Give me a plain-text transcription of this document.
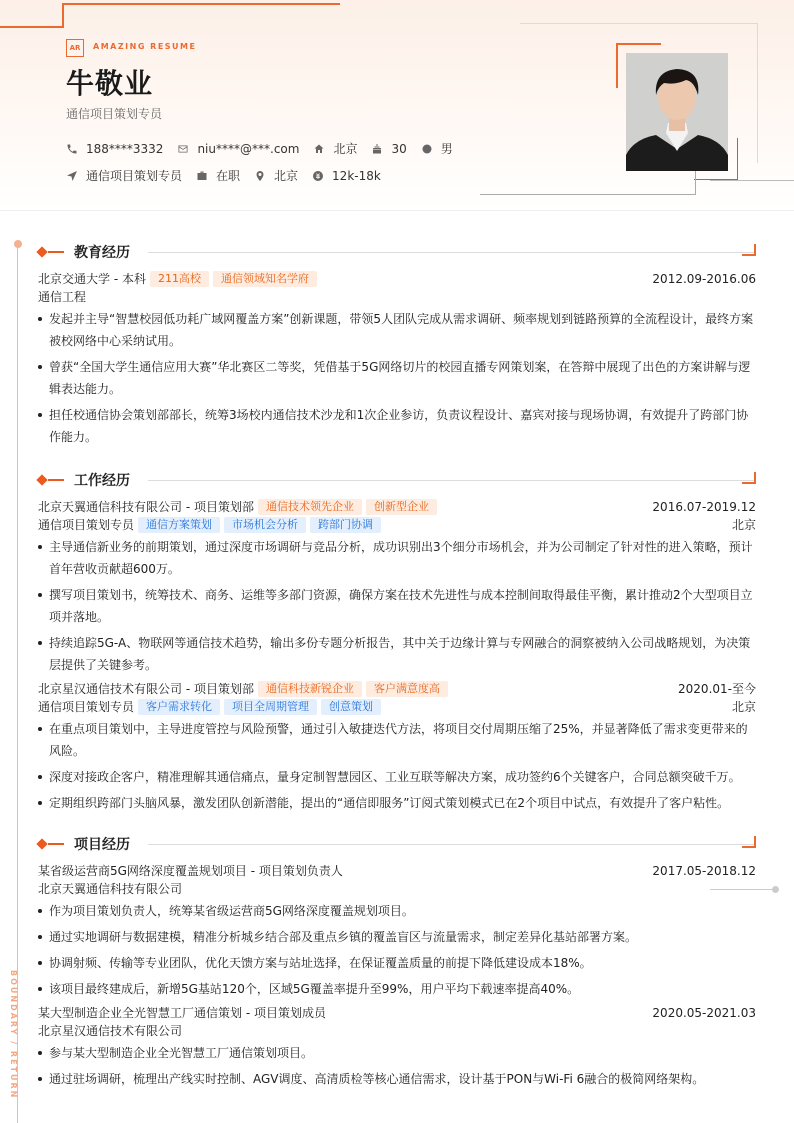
AR	AMAZING RESUME
牛敬业
通信项目策划专员
188****3332	niu****@***.com	北京	30	男
通信项目策划专员	在职	北京	12k-18k
BOUNDARY / RETURN
教育经历
北京交通大学 - 本科	211高校	通信领域知名学府	2012.09-2016.06
通信工程
发起并主导“智慧校园低功耗广域网覆盖方案”创新课题，带领5人团队完成从需求调研、频率规划到链路预算的全流程设计，最终方案被校网络中心采纳试用。
曾获“全国大学生通信应用大赛”华北赛区二等奖，凭借基于5G网络切片的校园直播专网策划案，在答辩中展现了出色的方案讲解与逻辑表达能力。
担任校通信协会策划部部长，统筹3场校内通信技术沙龙和1次企业参访，负责议程设计、嘉宾对接与现场协调，有效提升了跨部门协作能力。
工作经历
北京天翼通信科技有限公司 - 项目策划部	通信技术领先企业	创新型企业	2016.07-2019.12
通信项目策划专员	通信方案策划	市场机会分析	跨部门协调	北京
主导通信新业务的前期策划，通过深度市场调研与竞品分析，成功识别出3个细分市场机会，并为公司制定了针对性的进入策略，预计首年营收贡献超600万。
撰写项目策划书，统筹技术、商务、运维等多部门资源，确保方案在技术先进性与成本控制间取得最佳平衡，累计推动2个大型项目立项并落地。
持续追踪5G-A、物联网等通信技术趋势，输出多份专题分析报告，其中关于边缘计算与专网融合的洞察被纳入公司战略规划，为决策层提供了关键参考。
北京星汉通信技术有限公司 - 项目策划部	通信科技新锐企业	客户满意度高	2020.01-至今
通信项目策划专员	客户需求转化	项目全周期管理	创意策划	北京
在重点项目策划中，主导进度管控与风险预警，通过引入敏捷迭代方法，将项目交付周期压缩了25%，并显著降低了需求变更带来的风险。
深度对接政企客户，精准理解其通信痛点，量身定制智慧园区、工业互联等解决方案，成功签约6个关键客户，合同总额突破千万。
定期组织跨部门头脑风暴，激发团队创新潜能，提出的“通信即服务”订阅式策划模式已在2个项目中试点，有效提升了客户粘性。
项目经历
某省级运营商5G网络深度覆盖规划项目 - 项目策划负责人	2017.05-2018.12
北京天翼通信科技有限公司
作为项目策划负责人，统筹某省级运营商5G网络深度覆盖规划项目。
通过实地调研与数据建模，精准分析城乡结合部及重点乡镇的覆盖盲区与流量需求，制定差异化基站部署方案。
协调射频、传输等专业团队，优化天馈方案与站址选择，在保证覆盖质量的前提下降低建设成本18%。
该项目最终建成后，新增5G基站120个，区域5G覆盖率提升至99%，用户平均下载速率提高40%。
某大型制造企业全光智慧工厂通信策划 - 项目策划成员	2020.05-2021.03
北京星汉通信技术有限公司
参与某大型制造企业全光智慧工厂通信策划项目。
通过驻场调研，梳理出产线实时控制、AGV调度、高清质检等核心通信需求，设计基于PON与Wi-Fi 6融合的极简网络架构。
